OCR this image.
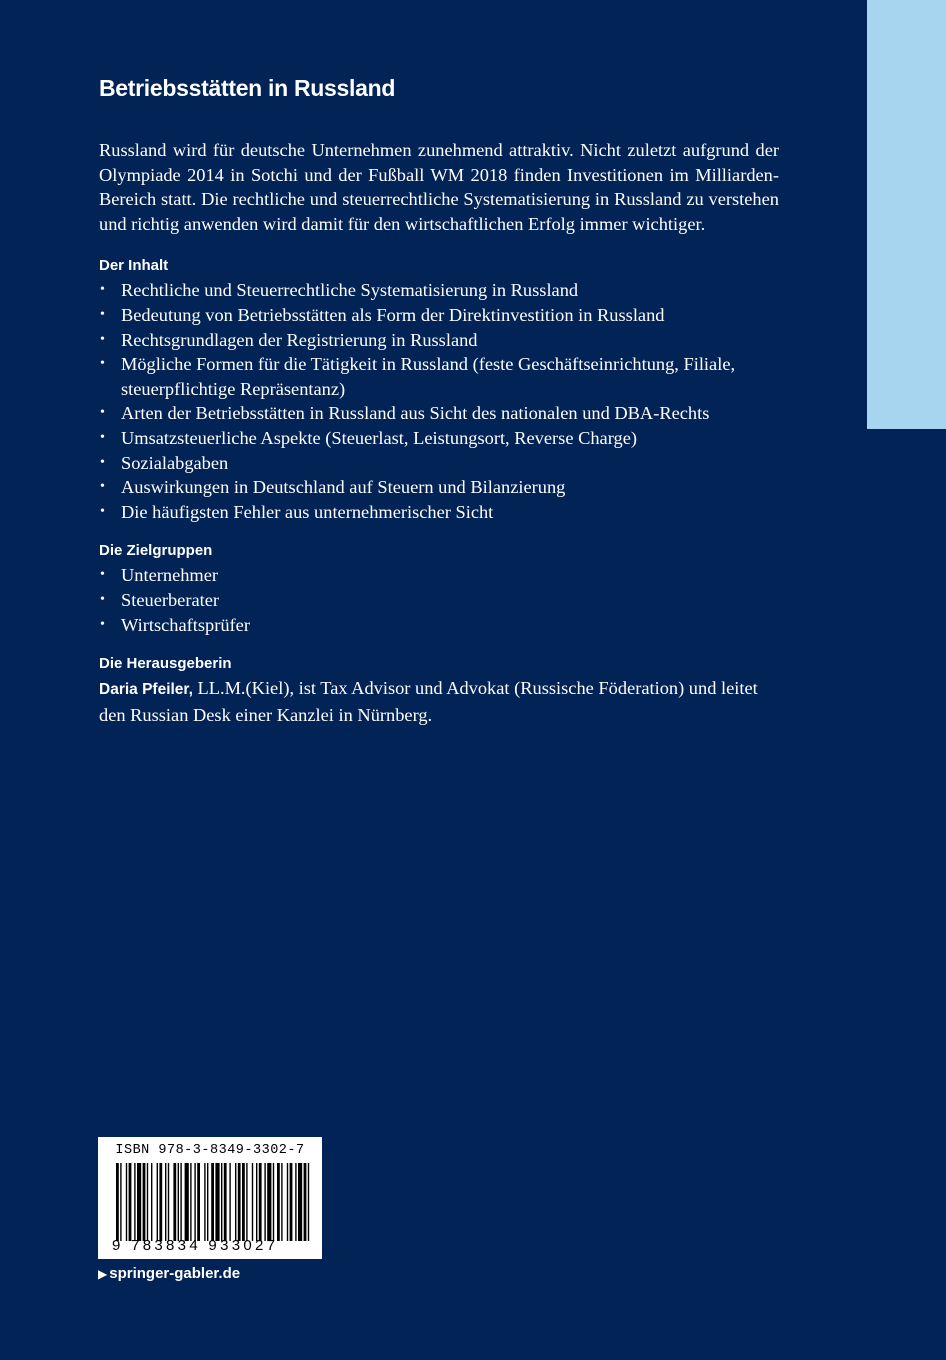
Betriebsstätten in Russland

Russland wird für deutsche Unternehmen zunehmend attraktiv. Nicht zuletzt aufgrund der Olympiade 2014 in Sotchi und der Fußball WM 2018 finden Investitionen im Milliarden-Bereich statt. Die rechtliche und steuerrechtliche Systematisierung in Russland zu verstehen und richtig anwenden wird damit für den wirtschaftlichen Erfolg immer wichtiger.

Der Inhalt
• Rechtliche und Steuerrechtliche Systematisierung in Russland
• Bedeutung von Betriebsstätten als Form der Direktinvestition in Russland
• Rechtsgrundlagen der Registrierung in Russland
• Mögliche Formen für die Tätigkeit in Russland (feste Geschäftseinrichtung, Filiale, steuerpflichtige Repräsentanz)
• Arten der Betriebsstätten in Russland aus Sicht des nationalen und DBA-Rechts
• Umsatzsteuerliche Aspekte (Steuerlast, Leistungsort, Reverse Charge)
• Sozialabgaben
• Auswirkungen in Deutschland auf Steuern und Bilanzierung
• Die häufigsten Fehler aus unternehmerischer Sicht
Die Zielgruppen
• Unternehmer
• Steuerberater
• Wirtschaftsprüfer
Die Herausgeberin

Daria Pfeiler, LL.M.(Kiel), ist Tax Advisor und Advokat (Russische Föderation) und leitet den Russian Desk einer Kanzlei in Nürnberg.

ISBN 978-3-8349-3302-7
9 783834 933027
▶ springer-gabler.de
